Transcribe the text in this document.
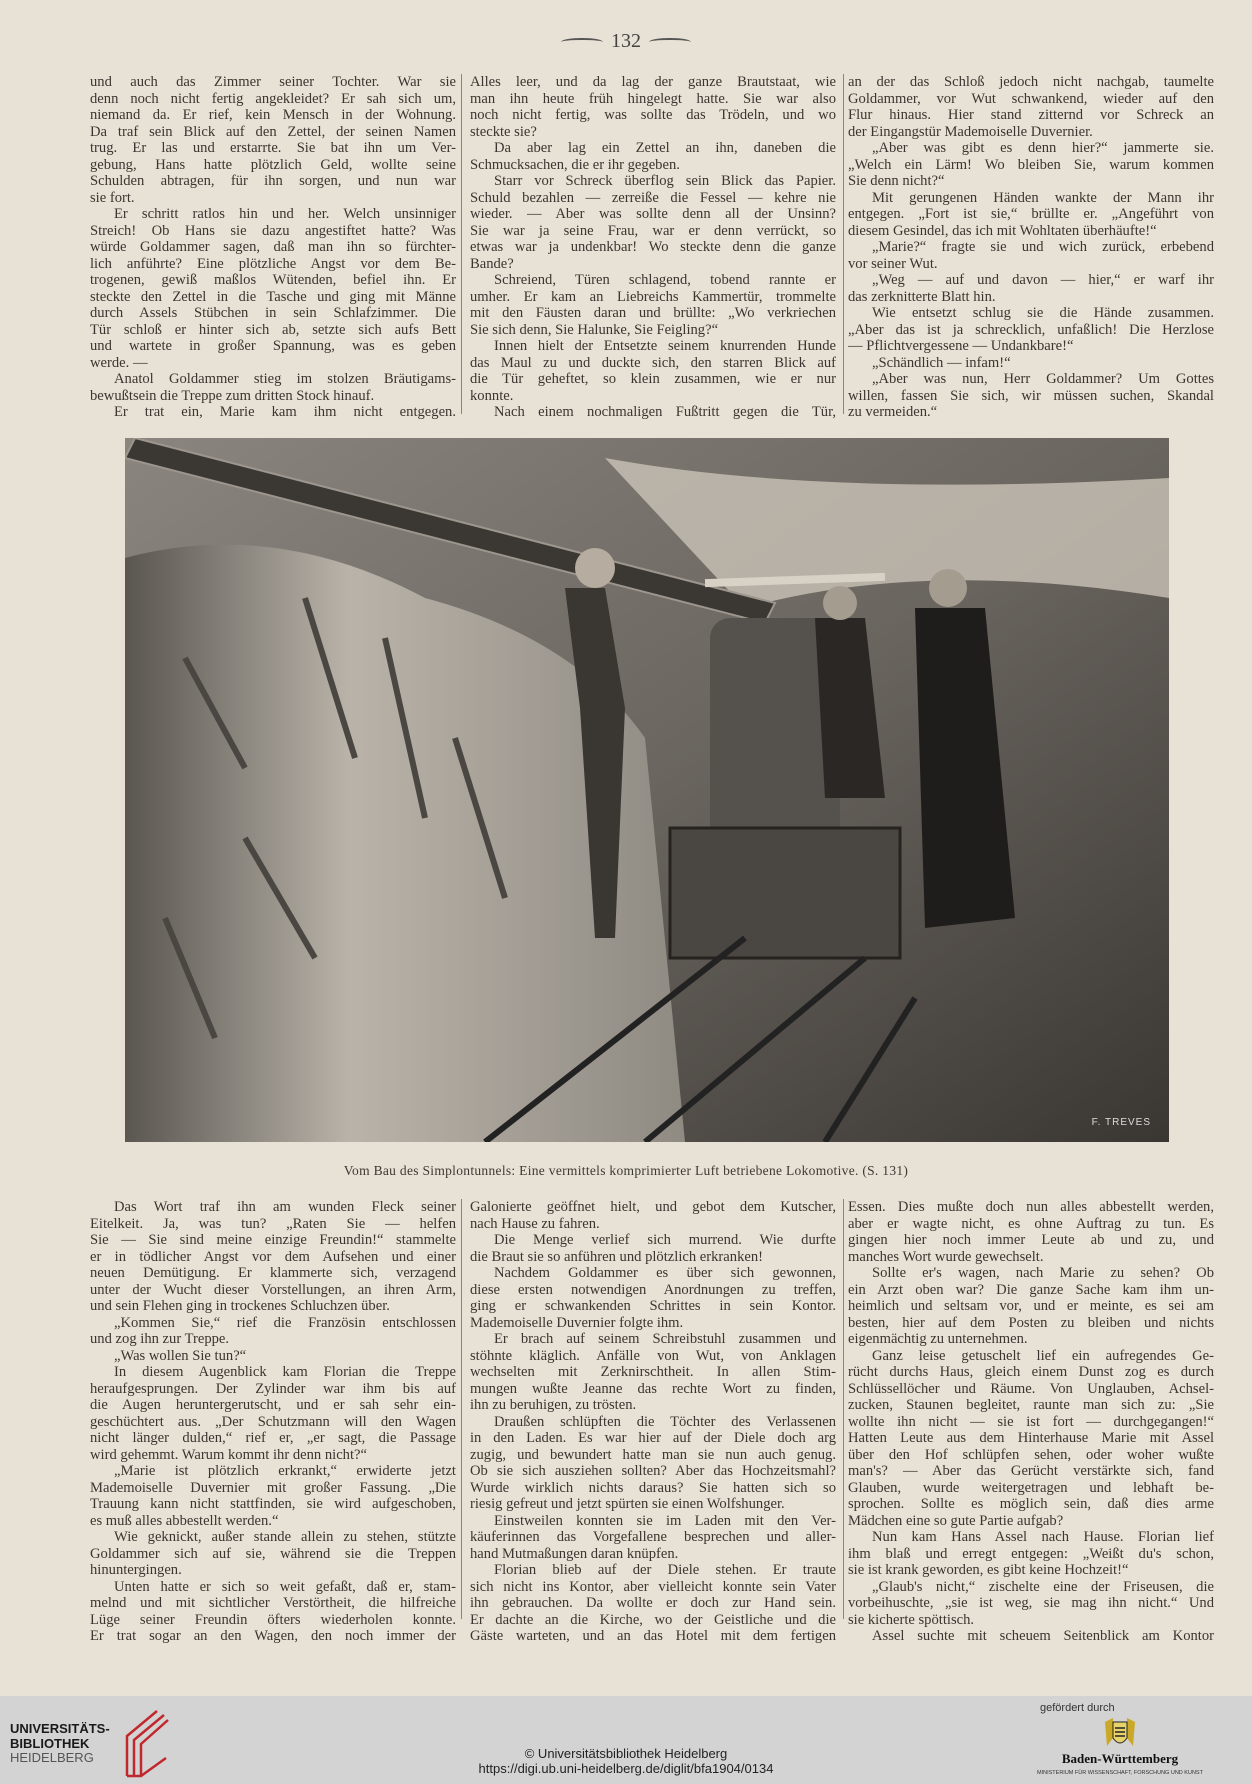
132
und auch das Zimmer seiner Tochter. War sie
denn noch nicht fertig angekleidet? Er sah sich um,
niemand da. Er rief, kein Mensch in der Wohnung.
Da traf sein Blick auf den Zettel, der seinen Namen
trug. Er las und erstarrte. Sie bat ihn um Ver-
gebung, Hans hatte plötzlich Geld, wollte seine
Schulden abtragen, für ihn sorgen, und nun war
sie fort.
Er schritt ratlos hin und her. Welch unsinniger
Streich! Ob Hans sie dazu angestiftet hatte? Was
würde Goldammer sagen, daß man ihn so fürchter-
lich anführte? Eine plötzliche Angst vor dem Be-
trogenen, gewiß maßlos Wütenden, befiel ihn. Er
steckte den Zettel in die Tasche und ging mit Männe
durch Assels Stübchen in sein Schlafzimmer. Die
Tür schloß er hinter sich ab, setzte sich aufs Bett
und wartete in großer Spannung, was es geben
werde. —
Anatol Goldammer stieg im stolzen Bräutigams-
bewußtsein die Treppe zum dritten Stock hinauf.
Er trat ein, Marie kam ihm nicht entgegen.
Alles leer, und da lag der ganze Brautstaat, wie
man ihn heute früh hingelegt hatte. Sie war also
noch nicht fertig, was sollte das Trödeln, und wo
steckte sie?
Da aber lag ein Zettel an ihn, daneben die
Schmucksachen, die er ihr gegeben.
Starr vor Schreck überflog sein Blick das Papier.
Schuld bezahlen — zerreiße die Fessel — kehre nie
wieder. — Aber was sollte denn all der Unsinn?
Sie war ja seine Frau, war er denn verrückt, so
etwas war ja undenkbar! Wo steckte denn die ganze
Bande?
Schreiend, Türen schlagend, tobend rannte er
umher. Er kam an Liebreichs Kammertür, trommelte
mit den Fäusten daran und brüllte: „Wo verkriechen
Sie sich denn, Sie Halunke, Sie Feigling?“
Innen hielt der Entsetzte seinem knurrenden Hunde
das Maul zu und duckte sich, den starren Blick auf
die Tür geheftet, so klein zusammen, wie er nur
konnte.
Nach einem nochmaligen Fußtritt gegen die Tür,
an der das Schloß jedoch nicht nachgab, taumelte
Goldammer, vor Wut schwankend, wieder auf den
Flur hinaus. Hier stand zitternd vor Schreck an
der Eingangstür Mademoiselle Duvernier.
„Aber was gibt es denn hier?“ jammerte sie.
„Welch ein Lärm! Wo bleiben Sie, warum kommen
Sie denn nicht?“
Mit gerungenen Händen wankte der Mann ihr
entgegen. „Fort ist sie,“ brüllte er. „Angeführt von
diesem Gesindel, das ich mit Wohltaten überhäufte!“
„Marie?“ fragte sie und wich zurück, erbebend
vor seiner Wut.
„Weg — auf und davon — hier,“ er warf ihr
das zerknitterte Blatt hin.
Wie entsetzt schlug sie die Hände zusammen.
„Aber das ist ja schrecklich, unfaßlich! Die Herzlose
— Pflichtvergessene — Undankbare!“
„Schändlich — infam!“
„Aber was nun, Herr Goldammer? Um Gottes
willen, fassen Sie sich, wir müssen suchen, Skandal
zu vermeiden.“
F. TREVES
Vom Bau des Simplontunnels: Eine vermittels komprimierter Luft betriebene Lokomotive. (S. 131)
Das Wort traf ihn am wunden Fleck seiner
Eitelkeit. Ja, was tun? „Raten Sie — helfen
Sie — Sie sind meine einzige Freundin!“ stammelte
er in tödlicher Angst vor dem Aufsehen und einer
neuen Demütigung. Er klammerte sich, verzagend
unter der Wucht dieser Vorstellungen, an ihren Arm,
und sein Flehen ging in trockenes Schluchzen über.
„Kommen Sie,“ rief die Französin entschlossen
und zog ihn zur Treppe.
„Was wollen Sie tun?“
In diesem Augenblick kam Florian die Treppe
heraufgesprungen. Der Zylinder war ihm bis auf
die Augen heruntergerutscht, und er sah sehr ein-
geschüchtert aus. „Der Schutzmann will den Wagen
nicht länger dulden,“ rief er, „er sagt, die Passage
wird gehemmt. Warum kommt ihr denn nicht?“
„Marie ist plötzlich erkrankt,“ erwiderte jetzt
Mademoiselle Duvernier mit großer Fassung. „Die
Trauung kann nicht stattfinden, sie wird aufgeschoben,
es muß alles abbestellt werden.“
Wie geknickt, außer stande allein zu stehen, stützte
Goldammer sich auf sie, während sie die Treppen
hinuntergingen.
Unten hatte er sich so weit gefaßt, daß er, stam-
melnd und mit sichtlicher Verstörtheit, die hilfreiche
Lüge seiner Freundin öfters wiederholen konnte.
Er trat sogar an den Wagen, den noch immer der
Galonierte geöffnet hielt, und gebot dem Kutscher,
nach Hause zu fahren.
Die Menge verlief sich murrend. Wie durfte
die Braut sie so anführen und plötzlich erkranken!
Nachdem Goldammer es über sich gewonnen,
diese ersten notwendigen Anordnungen zu treffen,
ging er schwankenden Schrittes in sein Kontor.
Mademoiselle Duvernier folgte ihm.
Er brach auf seinem Schreibstuhl zusammen und
stöhnte kläglich. Anfälle von Wut, von Anklagen
wechselten mit Zerknirschtheit. In allen Stim-
mungen wußte Jeanne das rechte Wort zu finden,
ihn zu beruhigen, zu trösten.
Draußen schlüpften die Töchter des Verlassenen
in den Laden. Es war hier auf der Diele doch arg
zugig, und bewundert hatte man sie nun auch genug.
Ob sie sich ausziehen sollten? Aber das Hochzeitsmahl?
Wurde wirklich nichts daraus? Sie hatten sich so
riesig gefreut und jetzt spürten sie einen Wolfshunger.
Einstweilen konnten sie im Laden mit den Ver-
käuferinnen das Vorgefallene besprechen und aller-
hand Mutmaßungen daran knüpfen.
Florian blieb auf der Diele stehen. Er traute
sich nicht ins Kontor, aber vielleicht konnte sein Vater
ihn gebrauchen. Da wollte er doch zur Hand sein.
Er dachte an die Kirche, wo der Geistliche und die
Gäste warteten, und an das Hotel mit dem fertigen
Essen. Dies mußte doch nun alles abbestellt werden,
aber er wagte nicht, es ohne Auftrag zu tun. Es
gingen hier noch immer Leute ab und zu, und
manches Wort wurde gewechselt.
Sollte er's wagen, nach Marie zu sehen? Ob
ein Arzt oben war? Die ganze Sache kam ihm un-
heimlich und seltsam vor, und er meinte, es sei am
besten, hier auf dem Posten zu bleiben und nichts
eigenmächtig zu unternehmen.
Ganz leise getuschelt lief ein aufregendes Ge-
rücht durchs Haus, gleich einem Dunst zog es durch
Schlüssellöcher und Räume. Von Unglauben, Achsel-
zucken, Staunen begleitet, raunte man sich zu: „Sie
wollte ihn nicht — sie ist fort — durchgegangen!“
Hatten Leute aus dem Hinterhause Marie mit Assel
über den Hof schlüpfen sehen, oder woher wußte
man's? — Aber das Gerücht verstärkte sich, fand
Glauben, wurde weitergetragen und lebhaft be-
sprochen. Sollte es möglich sein, daß dies arme
Mädchen eine so gute Partie aufgab?
Nun kam Hans Assel nach Hause. Florian lief
ihm blaß und erregt entgegen: „Weißt du's schon,
sie ist krank geworden, es gibt keine Hochzeit!“
„Glaub's nicht,“ zischelte eine der Friseusen, die
vorbeihuschte, „sie ist weg, sie mag ihn nicht.“ Und
sie kicherte spöttisch.
Assel suchte mit scheuem Seitenblick am Kontor
UNIVERSITÄTS-
BIBLIOTHEK
HEIDELBERG	© Universitätsbibliothek Heidelberg
https://digi.ub.uni-heidelberg.de/diglit/bfa1904/0134
gefördert durch
Baden-Württemberg
MINISTERIUM FÜR WISSENSCHAFT, FORSCHUNG UND KUNST
